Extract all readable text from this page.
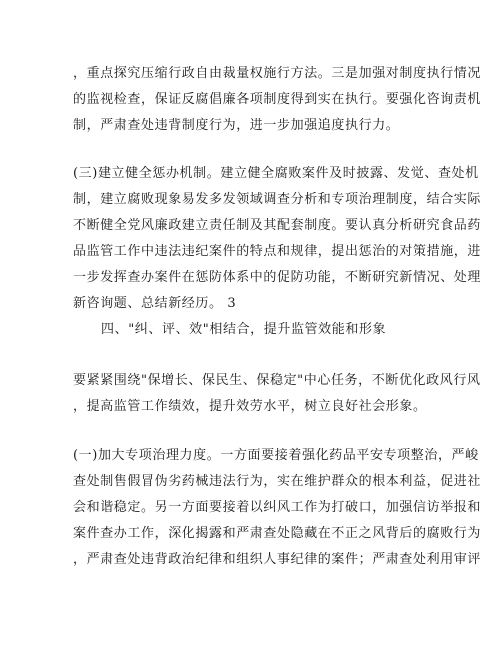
，重点探究压缩行政自由裁量权施行方法。三是加强对制度执行情况
的监视检查，保证反腐倡廉各项制度得到实在执行。要强化咨询责机
制，严肃查处违背制度行为，进一步加强追度执行力。
(三)建立健全惩办机制。建立健全腐败案件及时披露、发觉、查处机
制，建立腐败现象易发多发领域调查分析和专项治理制度，结合实际
不断健全党风廉政建立责任制及其配套制度。要认真分析研究食品药
品监管工作中违法违纪案件的特点和规律，提出惩治的对策措施，进
一步发挥查办案件在惩防体系中的促防功能，不断研究新情况、处理
新咨询题、总结新经历。 3
四、"纠、评、效"相结合，提升监管效能和形象
要紧紧围绕"保增长、保民生、保稳定"中心任务，不断优化政风行风
，提高监管工作绩效，提升效劳水平，树立良好社会形象。
(一)加大专项治理力度。一方面要接着强化药品平安专项整治，严峻
查处制售假冒伪劣药械违法行为，实在维护群众的根本利益，促进社
会和谐稳定。另一方面要接着以纠风工作为打破口，加强信访举报和
案件查办工作，深化揭露和严肃查处隐藏在不正之风背后的腐败行为
，严肃查处违背政治纪律和组织人事纪律的案件；严肃查处利用审评
